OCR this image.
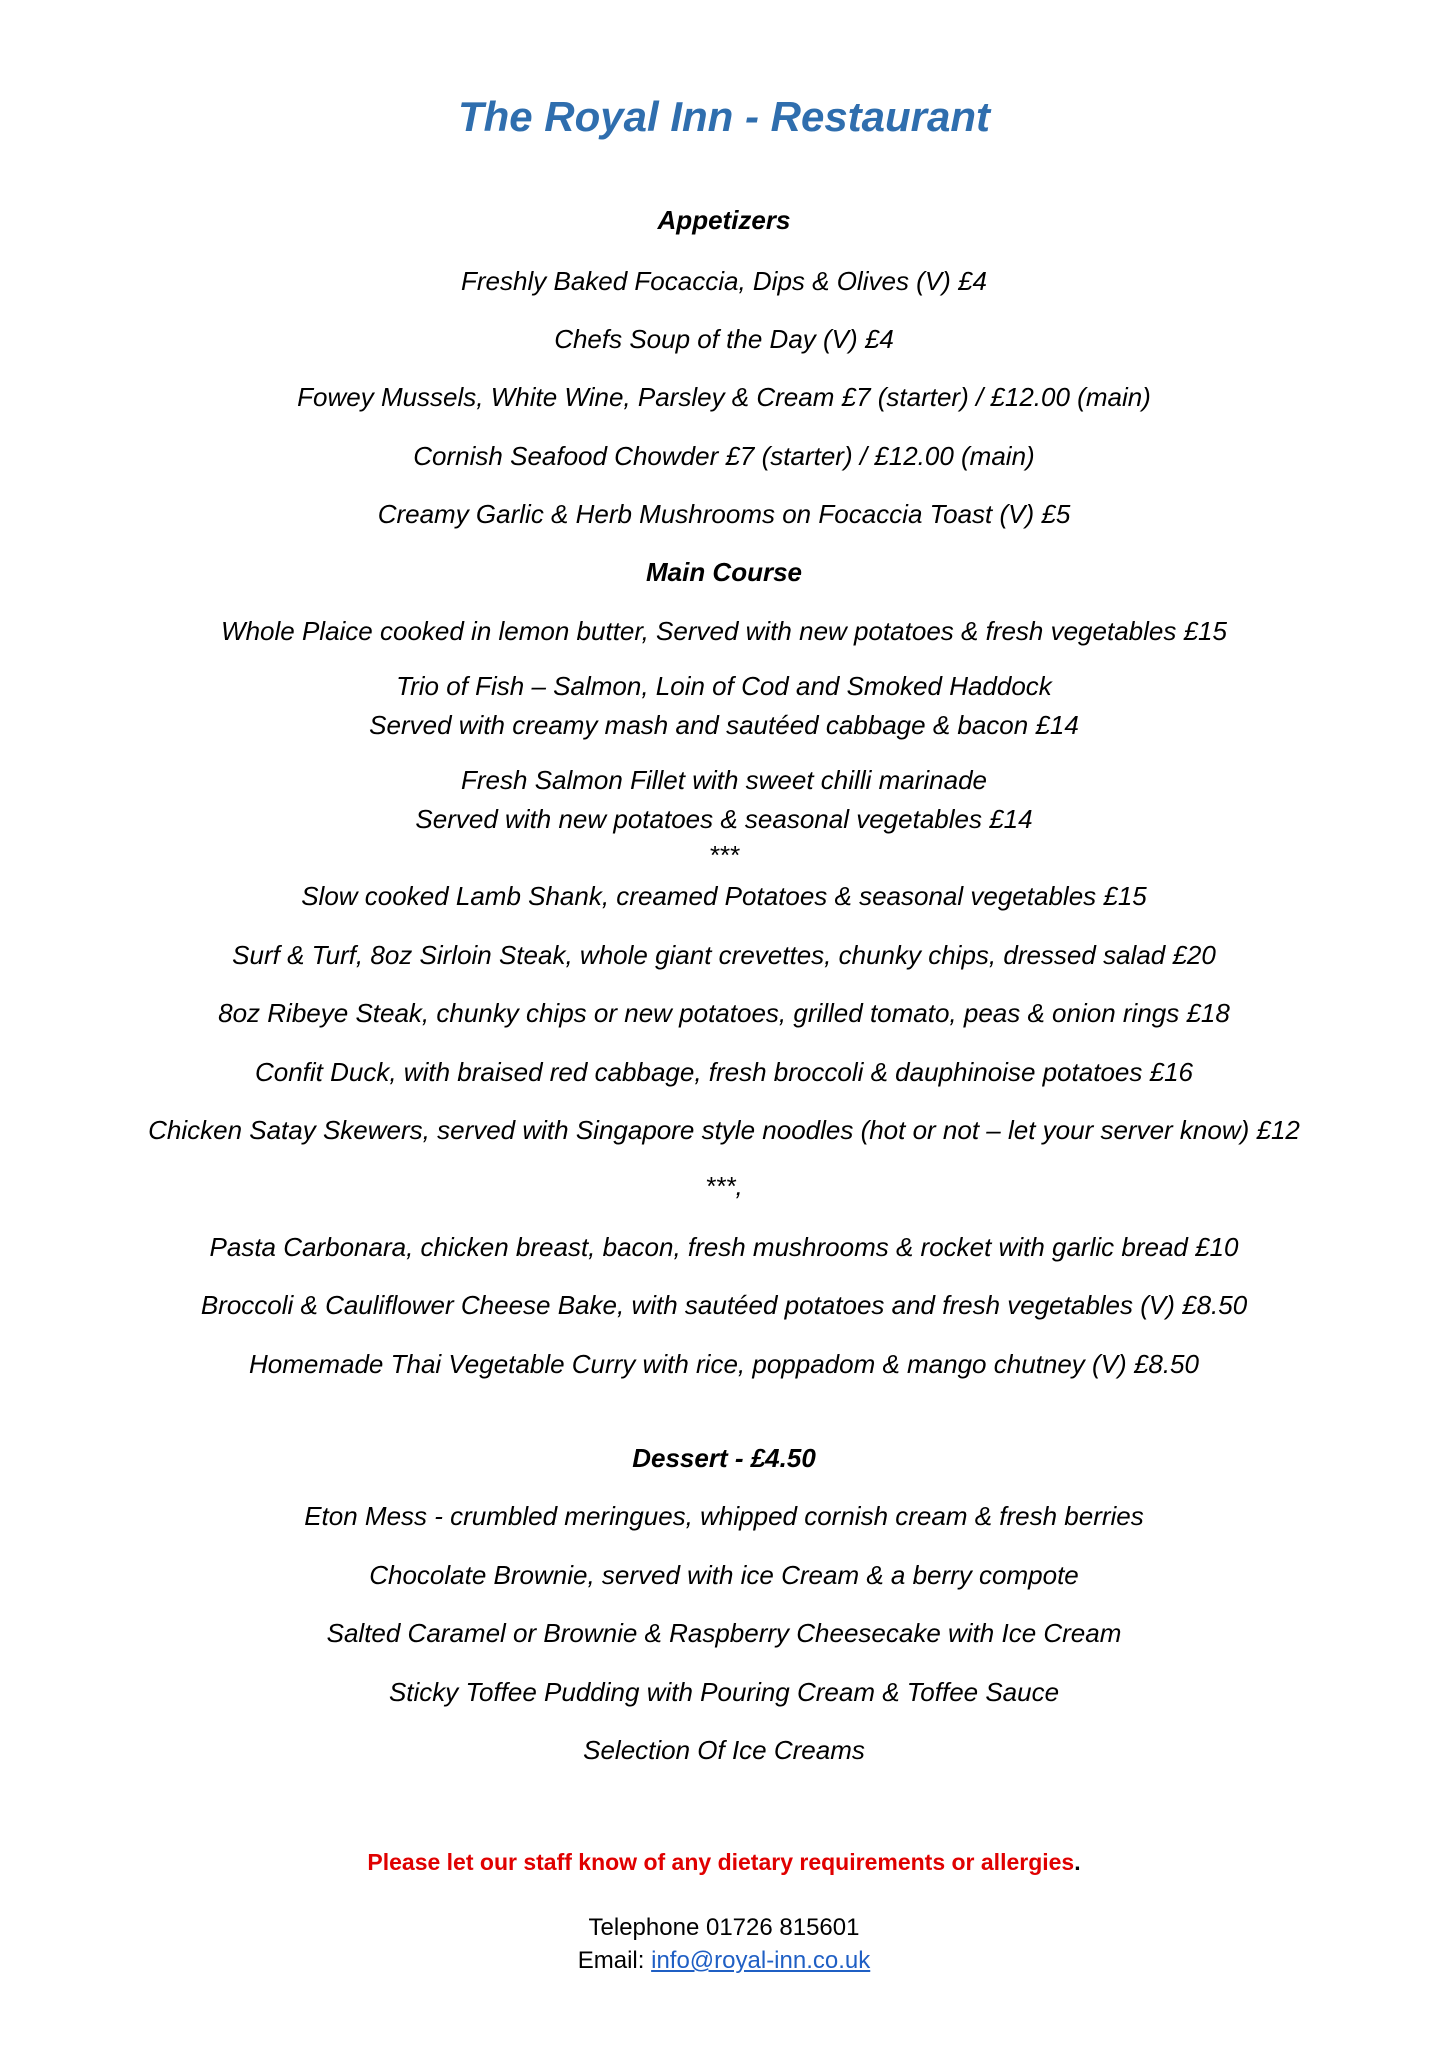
The Royal Inn - Restaurant
Appetizers
Freshly Baked Focaccia, Dips & Olives (V) £4
Chefs Soup of the Day (V) £4
Fowey Mussels, White Wine, Parsley & Cream £7 (starter) / £12.00 (main)
Cornish Seafood Chowder £7 (starter) / £12.00 (main)
Creamy Garlic & Herb Mushrooms on Focaccia Toast (V) £5
Main Course
Whole Plaice cooked in lemon butter, Served with new potatoes & fresh vegetables £15
Trio of Fish – Salmon, Loin of Cod and Smoked Haddock
Served with creamy mash and sautéed cabbage & bacon £14
Fresh Salmon Fillet with sweet chilli marinade
Served with new potatoes & seasonal vegetables £14
***
Slow cooked Lamb Shank, creamed Potatoes & seasonal vegetables £15
Surf & Turf, 8oz Sirloin Steak, whole giant crevettes, chunky chips, dressed salad £20
8oz Ribeye Steak, chunky chips or new potatoes, grilled tomato, peas & onion rings £18
Confit Duck, with braised red cabbage, fresh broccoli & dauphinoise potatoes £16
Chicken Satay Skewers, served with Singapore style noodles (hot or not – let your server know) £12
***,
Pasta Carbonara, chicken breast, bacon, fresh mushrooms & rocket with garlic bread £10
Broccoli & Cauliflower Cheese Bake, with sautéed potatoes and fresh vegetables (V) £8.50
Homemade Thai Vegetable Curry with rice, poppadom & mango chutney (V) £8.50
Dessert - £4.50
Eton Mess - crumbled meringues, whipped cornish cream & fresh berries
Chocolate Brownie, served with ice Cream & a berry compote
Salted Caramel or Brownie & Raspberry Cheesecake with Ice Cream
Sticky Toffee Pudding with Pouring Cream & Toffee Sauce
Selection Of Ice Creams
Please let our staff know of any dietary requirements or allergies.
Telephone 01726 815601
Email: info@royal-inn.co.uk
